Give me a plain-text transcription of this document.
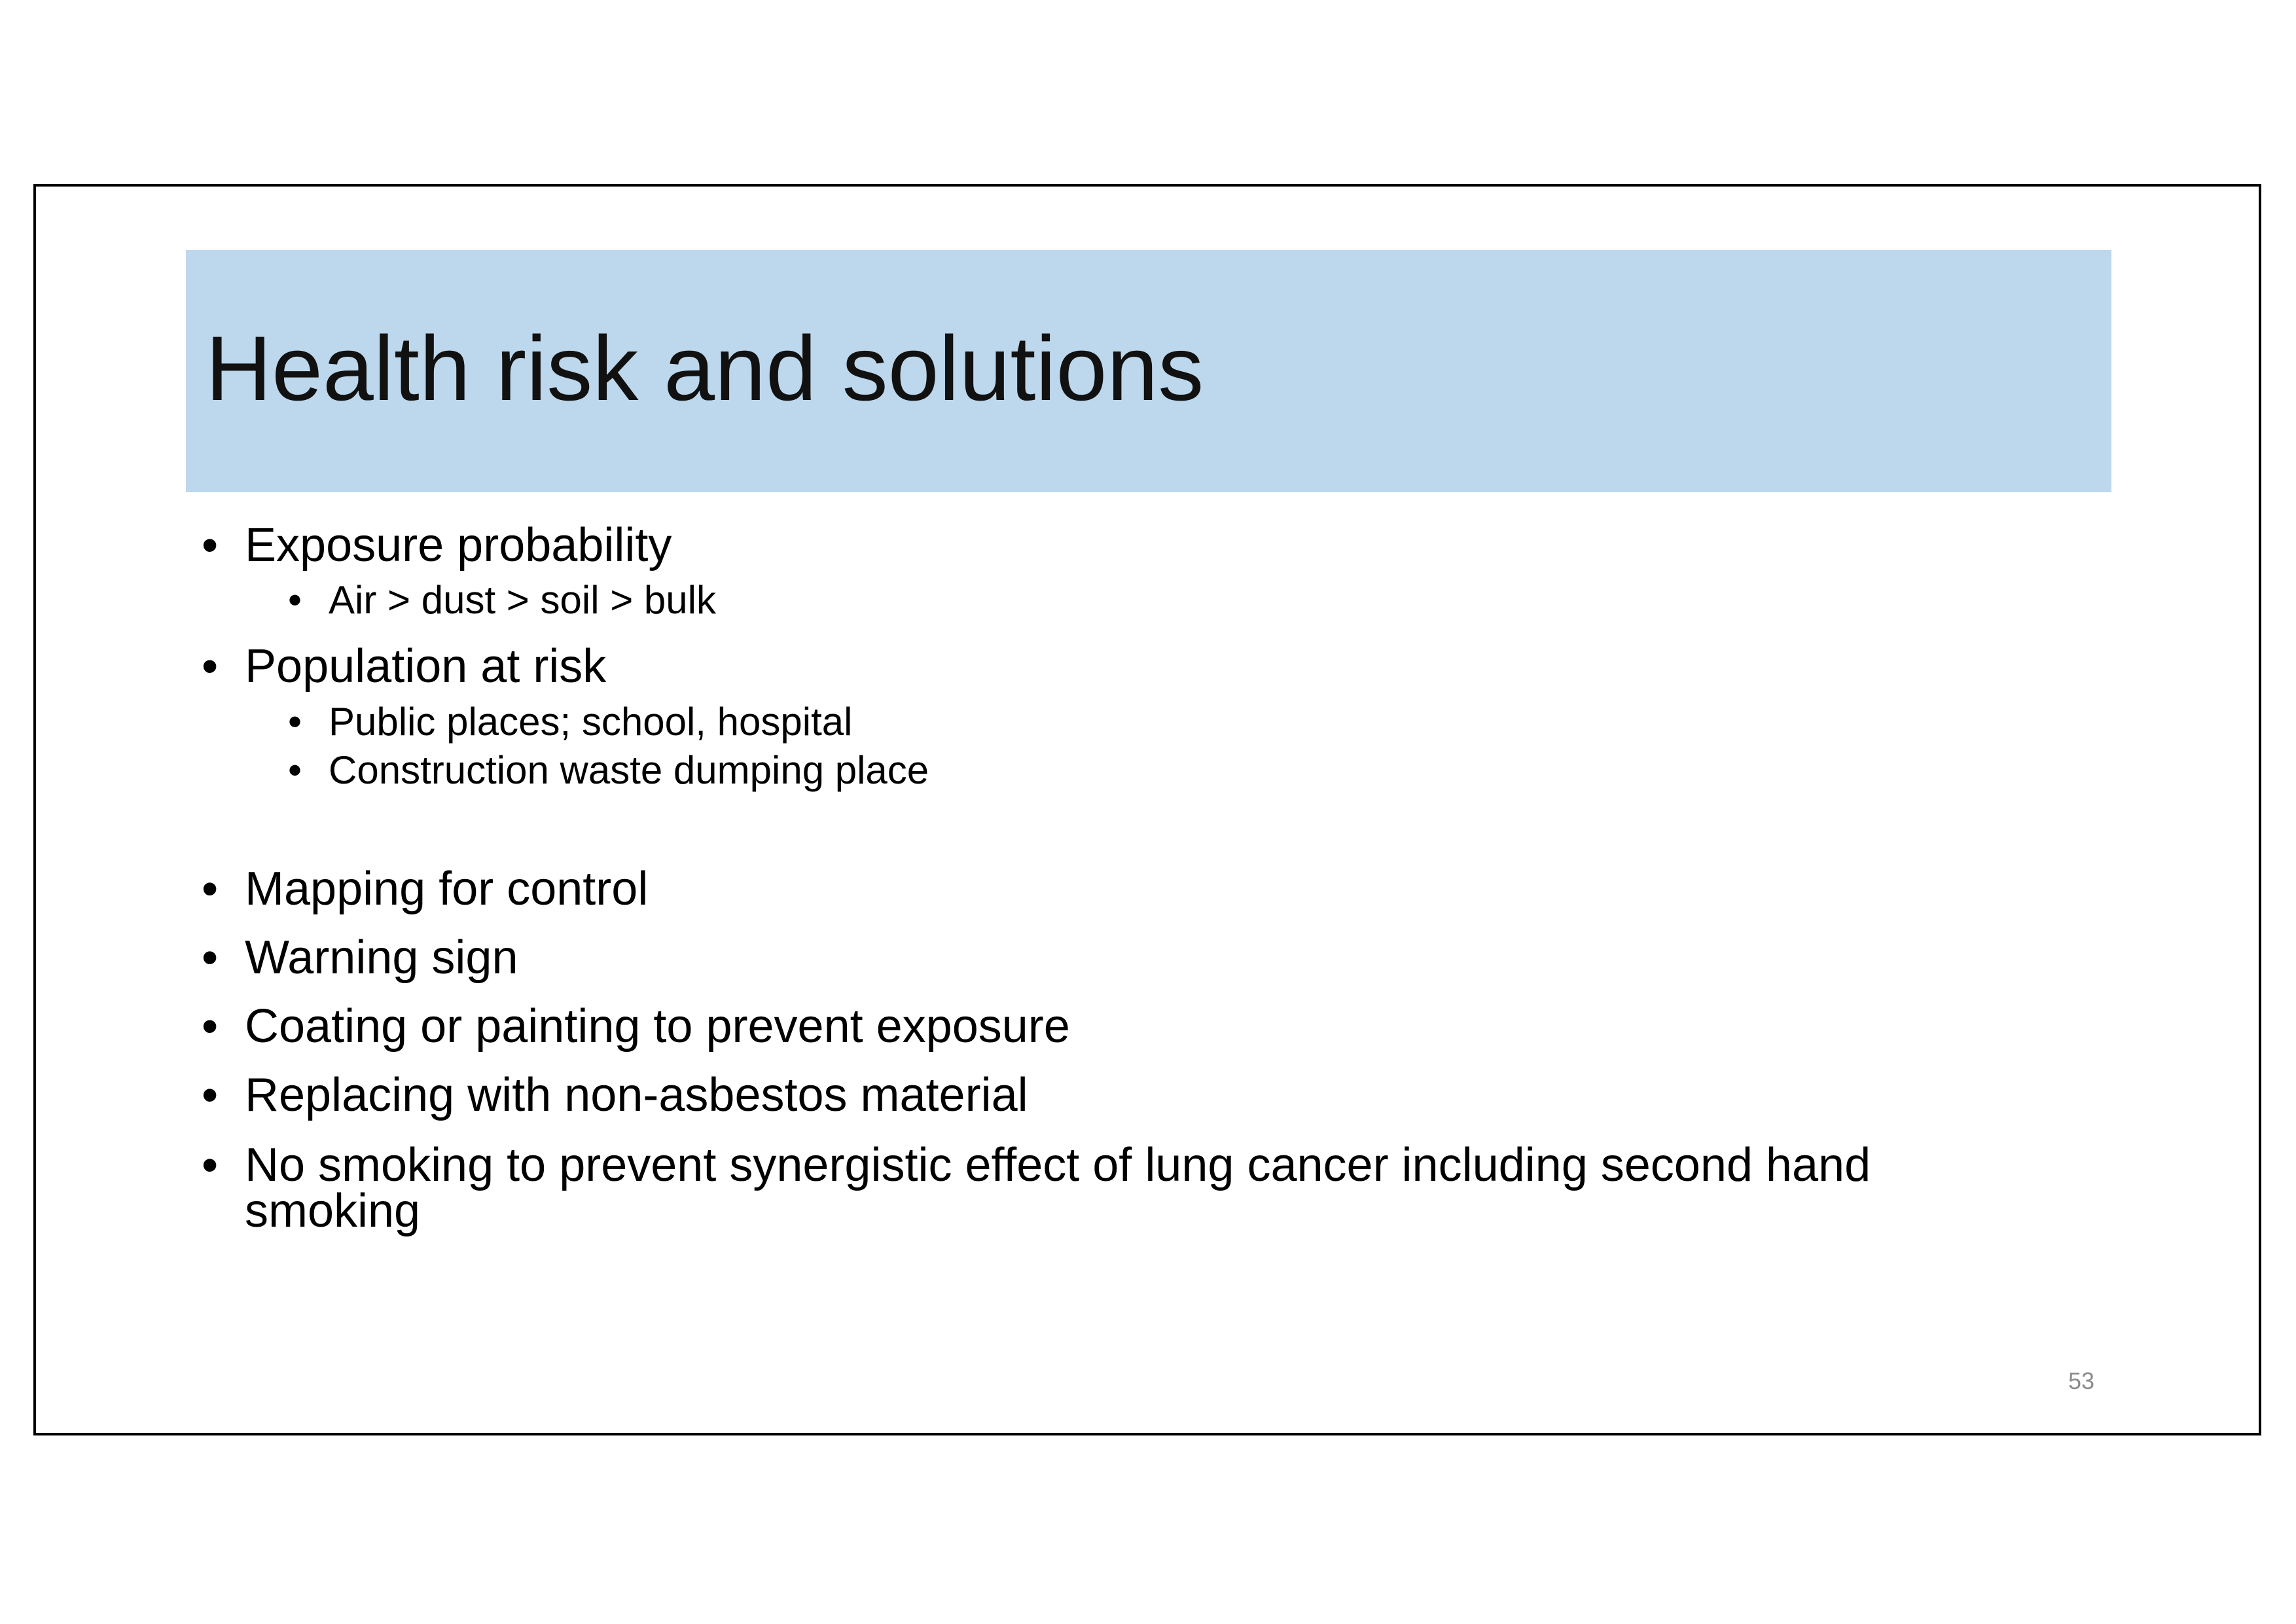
Health risk and solutions
• Exposure probability
• Air > dust > soil > bulk
• Population at risk
• Public places; school, hospital
• Construction waste dumping place
• Mapping for control
• Warning sign
• Coating or painting to prevent exposure
• Replacing with non-asbestos material
• No smoking to prevent synergistic effect of lung cancer including second hand
smoking
53
